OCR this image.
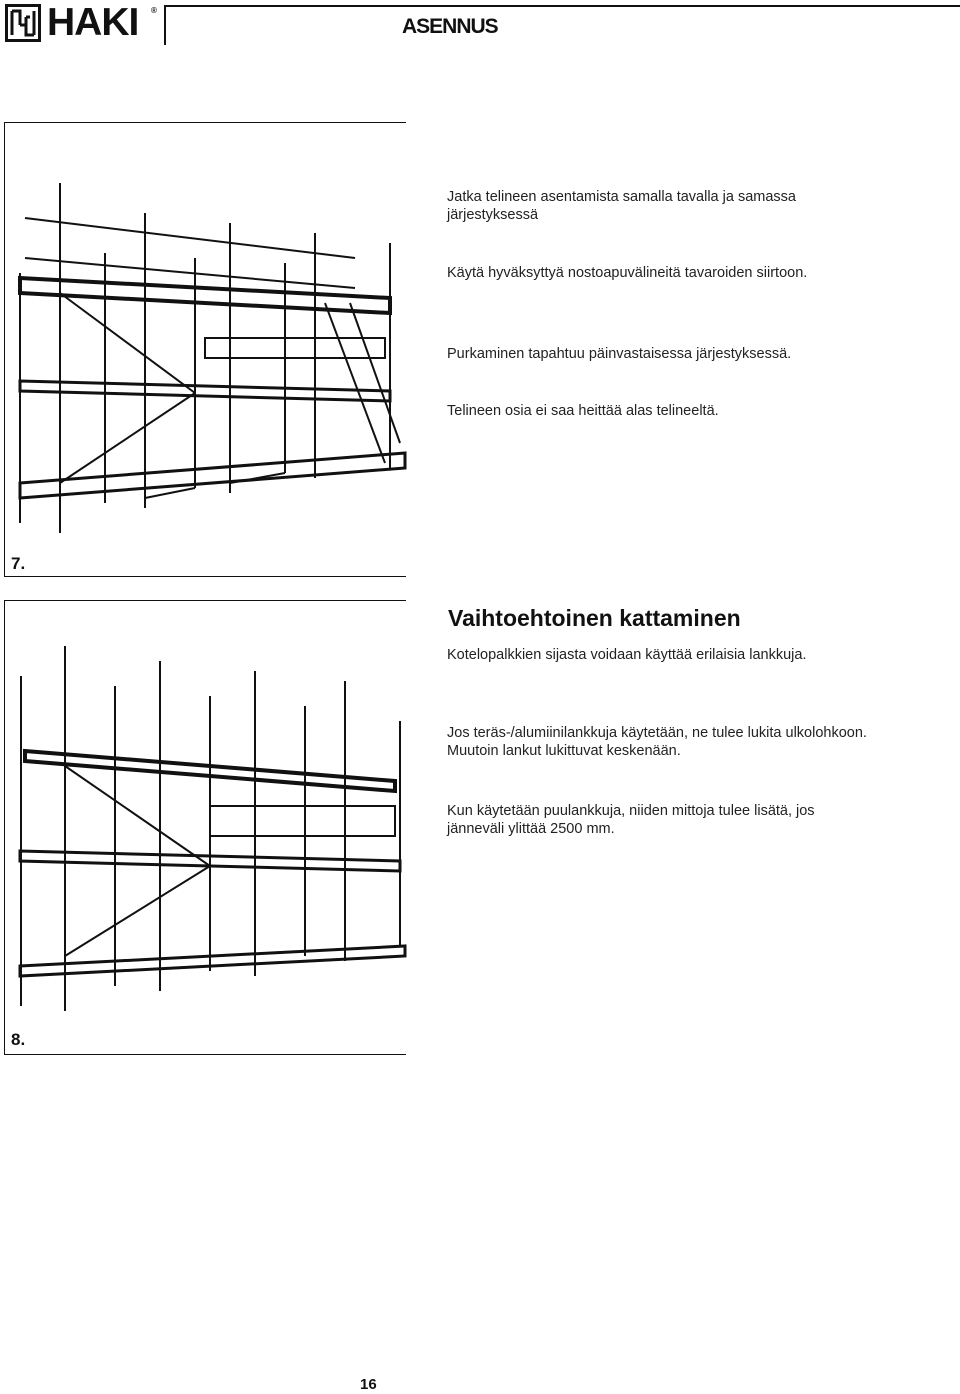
HAKI ®
ASENNUS
7.
Jatka telineen asentamista samalla tavalla ja samassa järjestyksessä
Käytä hyväksyttyä nostoapuvälineitä tavaroiden siirtoon.
Purkaminen tapahtuu päinvastaisessa järjestyksessä.
Telineen osia ei saa heittää alas telineeltä.
8.
Vaihtoehtoinen kattaminen
Kotelopalkkien sijasta voidaan käyttää erilaisia lankkuja.
Jos teräs-/alumiinilankkuja käytetään, ne tulee lukita ulkolohkoon. Muutoin lankut lukittuvat keskenään.
Kun käytetään puulankkuja, niiden mittoja tulee lisätä, jos jänneväli ylittää 2500 mm.
16
